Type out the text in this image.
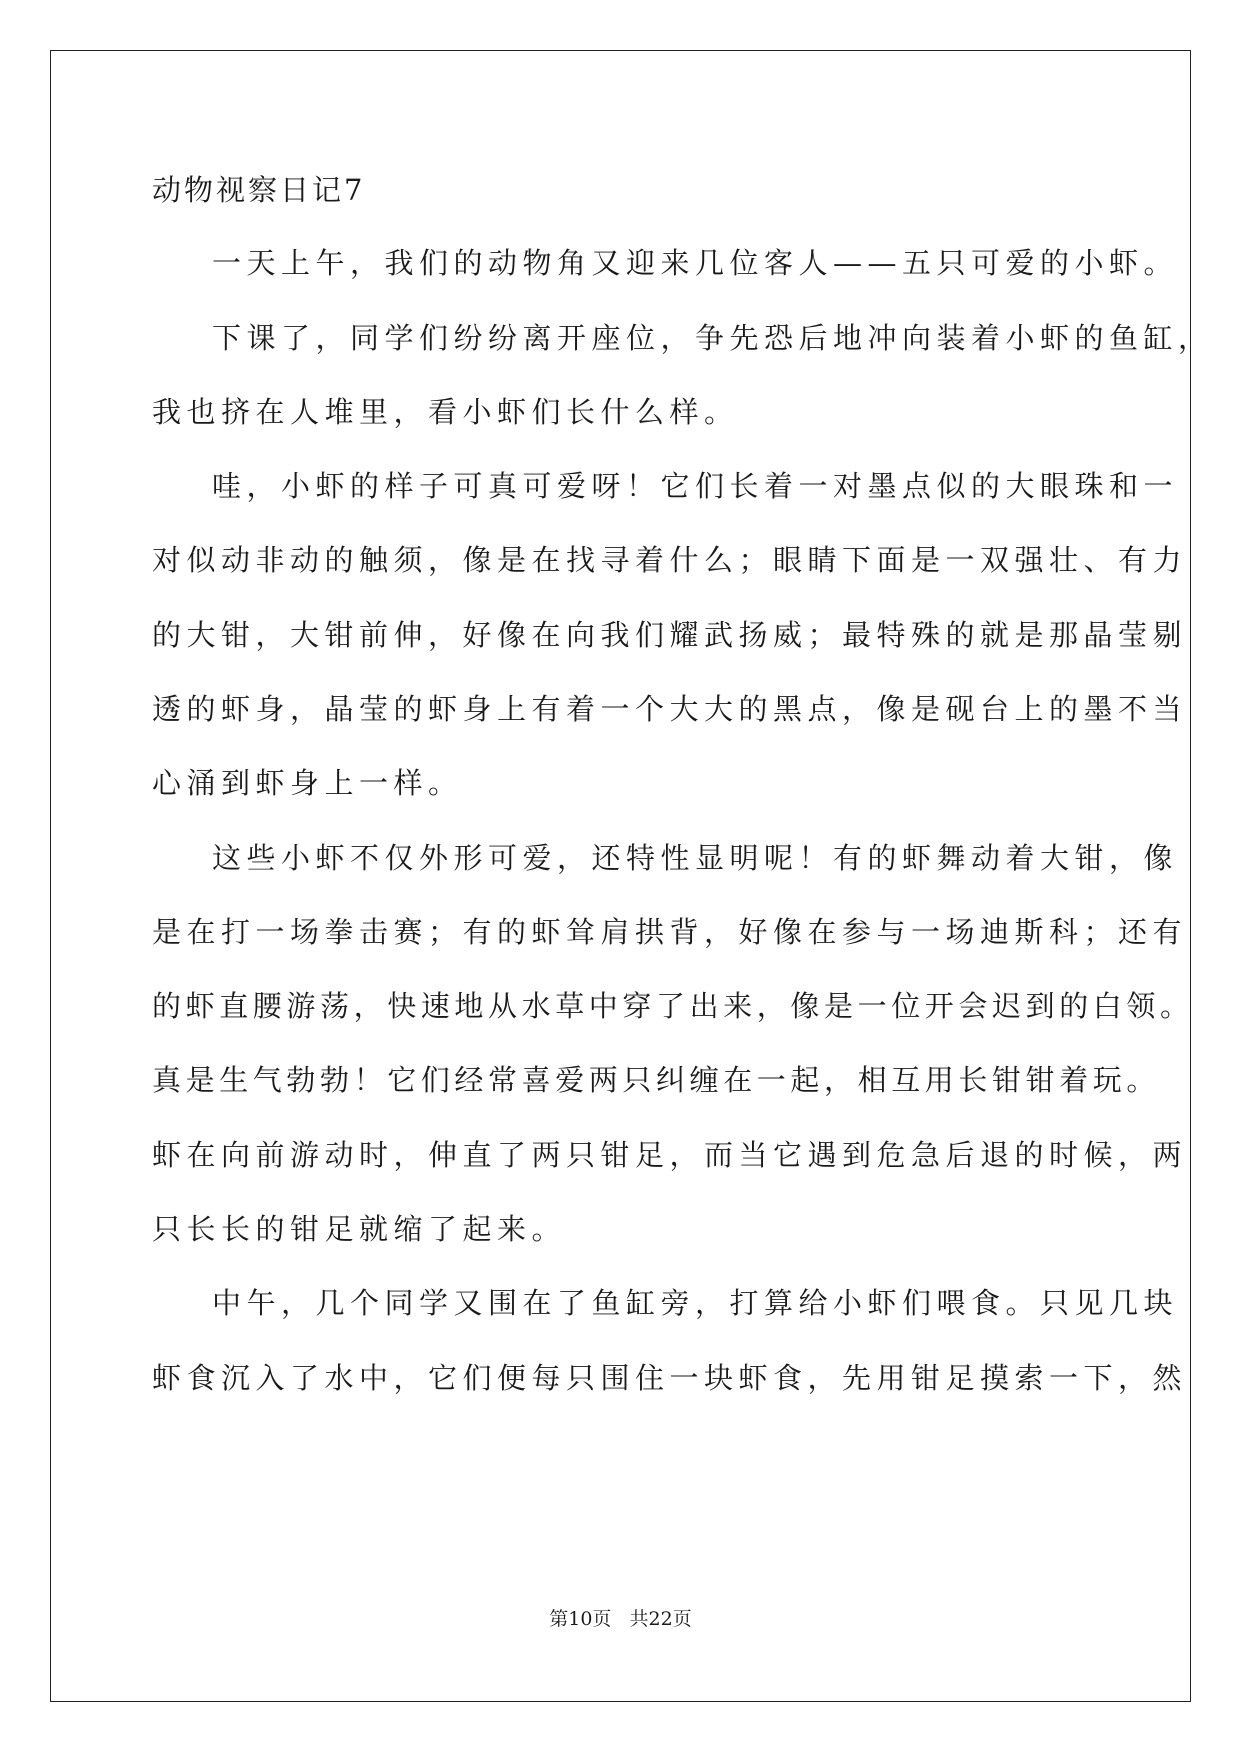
动物视察日记7
一天上午，我们的动物角又迎来几位客人——五只可爱的小虾。
下课了，同学们纷纷离开座位，争先恐后地冲向装着小虾的鱼缸，
我也挤在人堆里，看小虾们长什么样。
哇，小虾的样子可真可爱呀！它们长着一对墨点似的大眼珠和一
对似动非动的触须，像是在找寻着什么；眼睛下面是一双强壮、有力
的大钳，大钳前伸，好像在向我们耀武扬威；最特殊的就是那晶莹剔
透的虾身，晶莹的虾身上有着一个大大的黑点，像是砚台上的墨不当
心涌到虾身上一样。
这些小虾不仅外形可爱，还特性显明呢！有的虾舞动着大钳，像
是在打一场拳击赛；有的虾耸肩拱背，好像在参与一场迪斯科；还有
的虾直腰游荡，快速地从水草中穿了出来，像是一位开会迟到的白领。
真是生气勃勃！它们经常喜爱两只纠缠在一起，相互用长钳钳着玩。
虾在向前游动时，伸直了两只钳足，而当它遇到危急后退的时候，两
只长长的钳足就缩了起来。
中午，几个同学又围在了鱼缸旁，打算给小虾们喂食。只见几块
虾食沉入了水中，它们便每只围住一块虾食，先用钳足摸索一下，然
第10页   共22页
